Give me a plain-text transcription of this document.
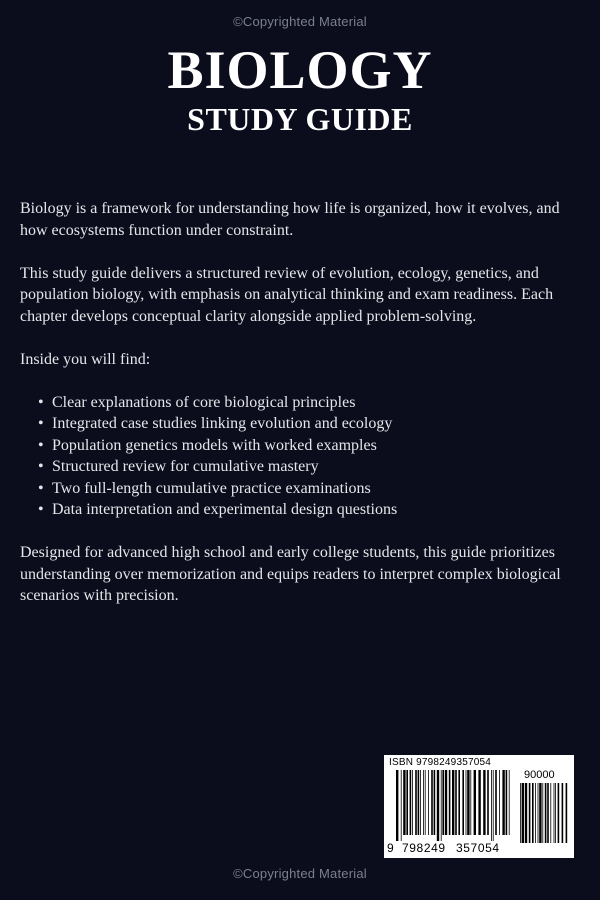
©Copyrighted Material
BIOLOGY
STUDY GUIDE

Biology is a framework for understanding how life is organized, how it evolves, and how ecosystems function under constraint.

This study guide delivers a structured review of evolution, ecology, genetics, and population biology, with emphasis on analytical thinking and exam readiness. Each chapter develops conceptual clarity alongside applied problem-solving.

Inside you will find:

• Clear explanations of core biological principles
• Integrated case studies linking evolution and ecology
• Population genetics models with worked examples
• Structured review for cumulative mastery
• Two full-length cumulative practice examinations
• Data interpretation and experimental design questions

Designed for advanced high school and early college students, this guide prioritizes understanding over memorization and equips readers to interpret complex biological scenarios with precision.

ISBN 9798249357054
90000
9 798249 357054
©Copyrighted Material
